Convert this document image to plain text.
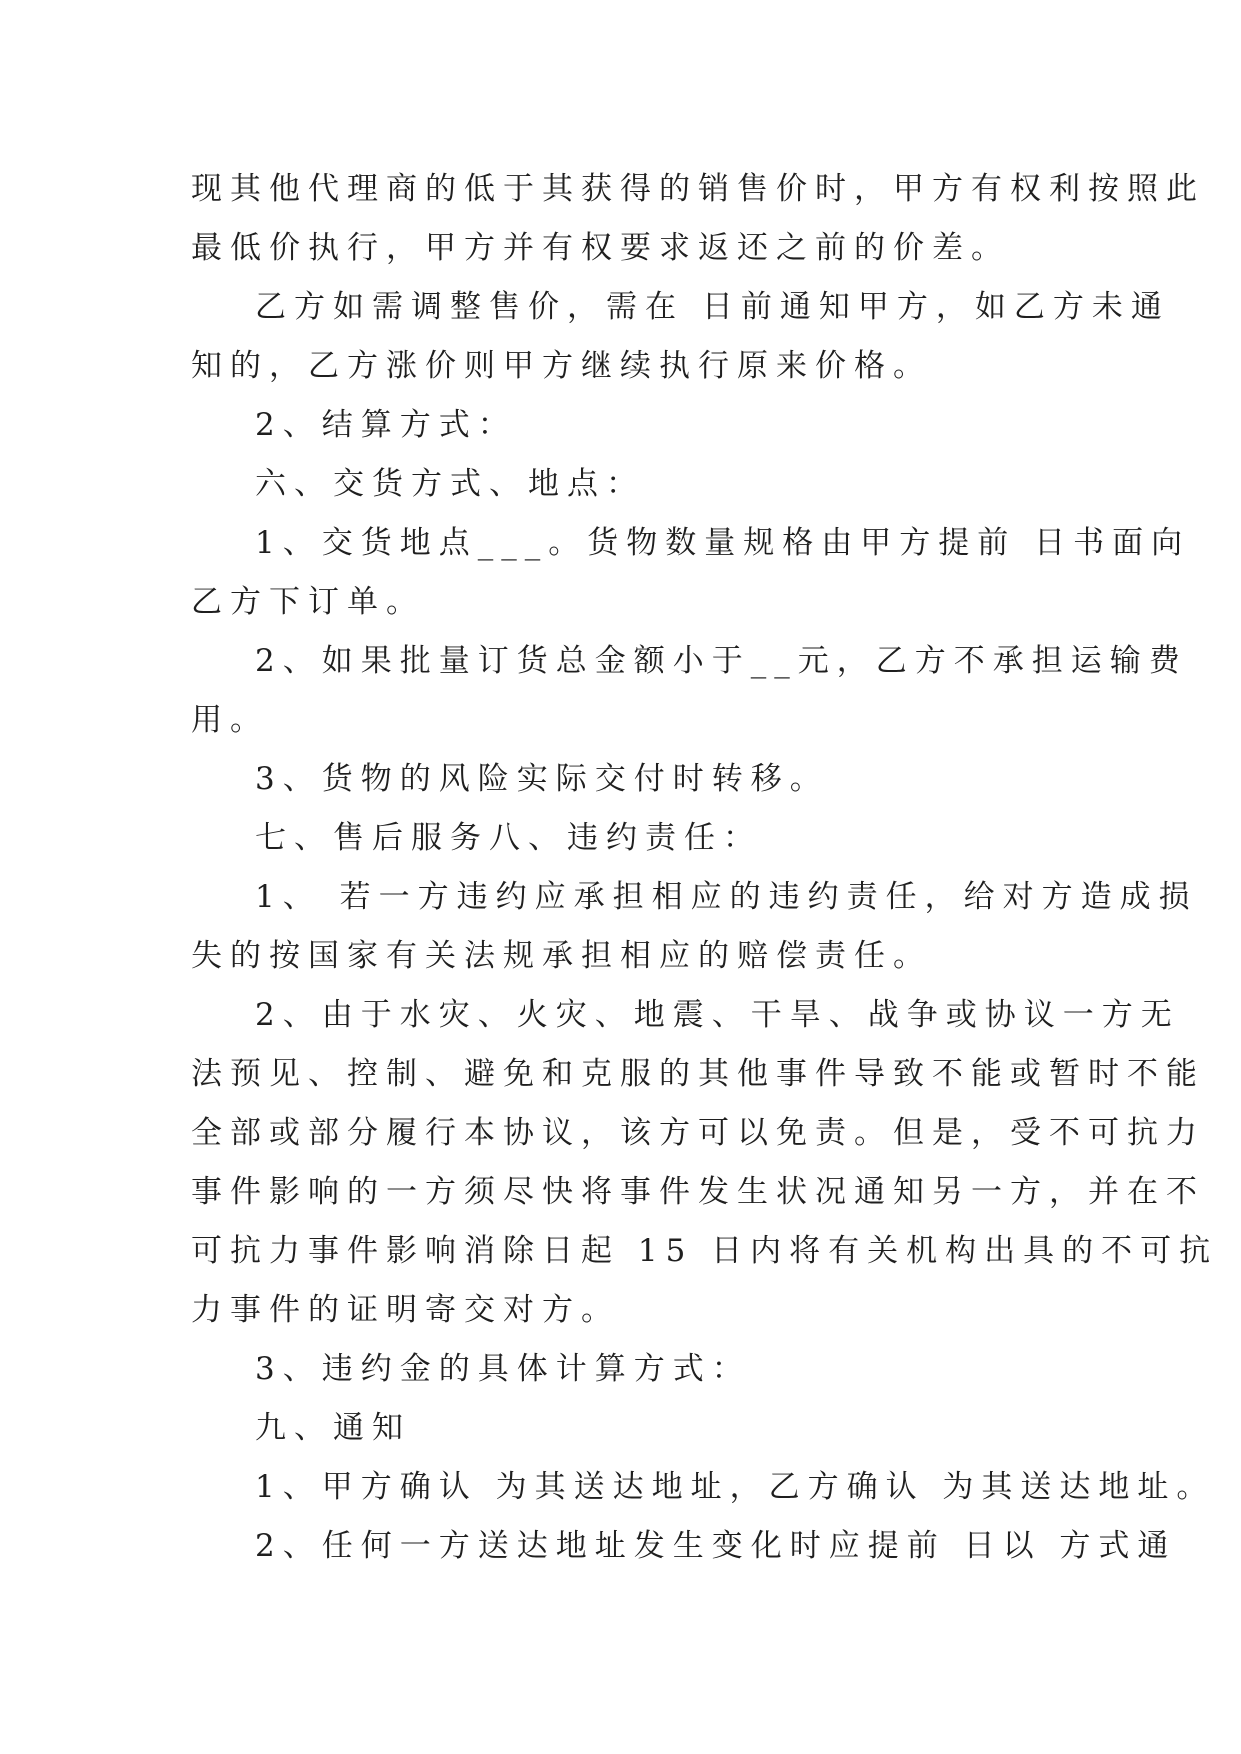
现其他代理商的低于其获得的销售价时，甲方有权利按照此
最低价执行，甲方并有权要求返还之前的价差。
乙方如需调整售价，需在 日前通知甲方，如乙方未通
知的，乙方涨价则甲方继续执行原来价格。
2、结算方式：
六、交货方式、地点：
1、交货地点___。货物数量规格由甲方提前 日书面向
乙方下订单。
2、如果批量订货总金额小于__元，乙方不承担运输费
用。
3、货物的风险实际交付时转移。
七、售后服务八、违约责任：
1、 若一方违约应承担相应的违约责任，给对方造成损
失的按国家有关法规承担相应的赔偿责任。
2、由于水灾、火灾、地震、干旱、战争或协议一方无
法预见、控制、避免和克服的其他事件导致不能或暂时不能
全部或部分履行本协议，该方可以免责。但是，受不可抗力
事件影响的一方须尽快将事件发生状况通知另一方，并在不
可抗力事件影响消除日起 15 日内将有关机构出具的不可抗
力事件的证明寄交对方。
3、违约金的具体计算方式：
九、通知
1、甲方确认 为其送达地址，乙方确认 为其送达地址。
2、任何一方送达地址发生变化时应提前 日以 方式通
